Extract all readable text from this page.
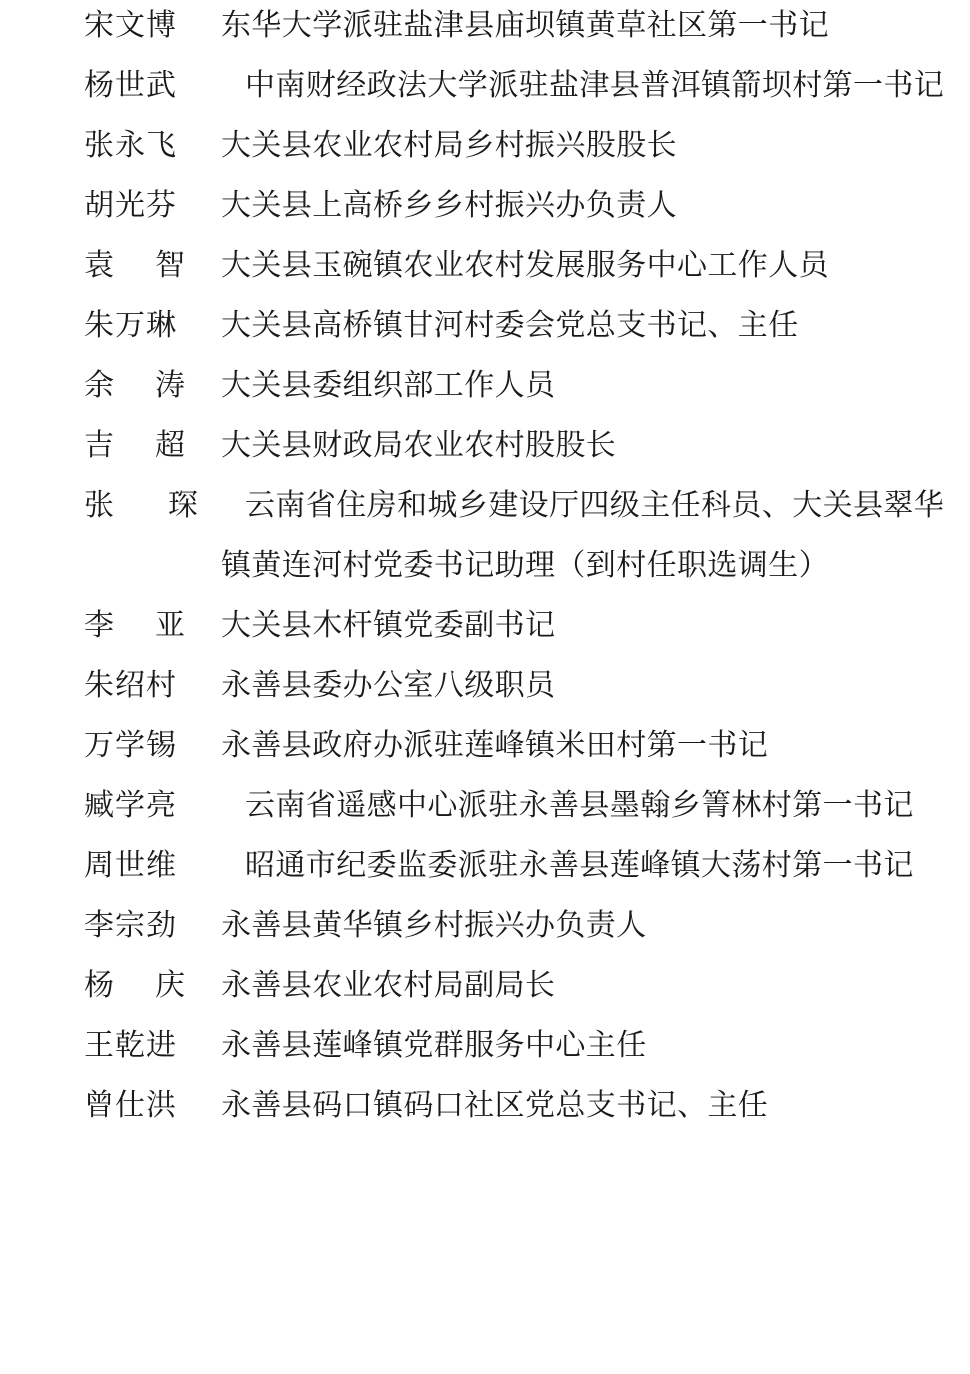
宋文博	东华大学派驻盐津县庙坝镇黄草社区第一书记
杨世武	中南财经政法大学派驻盐津县普洱镇箭坝村第一书记
张永飞	大关县农业农村局乡村振兴股股长
胡光芬	大关县上高桥乡乡村振兴办负责人
袁 智 大关县玉碗镇农业农村发展服务中心工作人员
朱万琳	大关县高桥镇甘河村委会党总支书记、主任
余 涛 大关县委组织部工作人员
吉 超 大关县财政局农业农村股股长
张 琛	云南省住房和城乡建设厅四级主任科员、大关县翠华镇黄连河村党委书记助理（到村任职选调生）
李 亚 大关县木杆镇党委副书记
朱绍村	永善县委办公室八级职员
万学锡	永善县政府办派驻莲峰镇米田村第一书记
臧学亮	云南省遥感中心派驻永善县墨翰乡箐林村第一书记
周世维	昭通市纪委监委派驻永善县莲峰镇大荡村第一书记
李宗劲	永善县黄华镇乡村振兴办负责人
杨 庆 永善县农业农村局副局长
王乾进	永善县莲峰镇党群服务中心主任
曾仕洪	永善县码口镇码口社区党总支书记、主任
